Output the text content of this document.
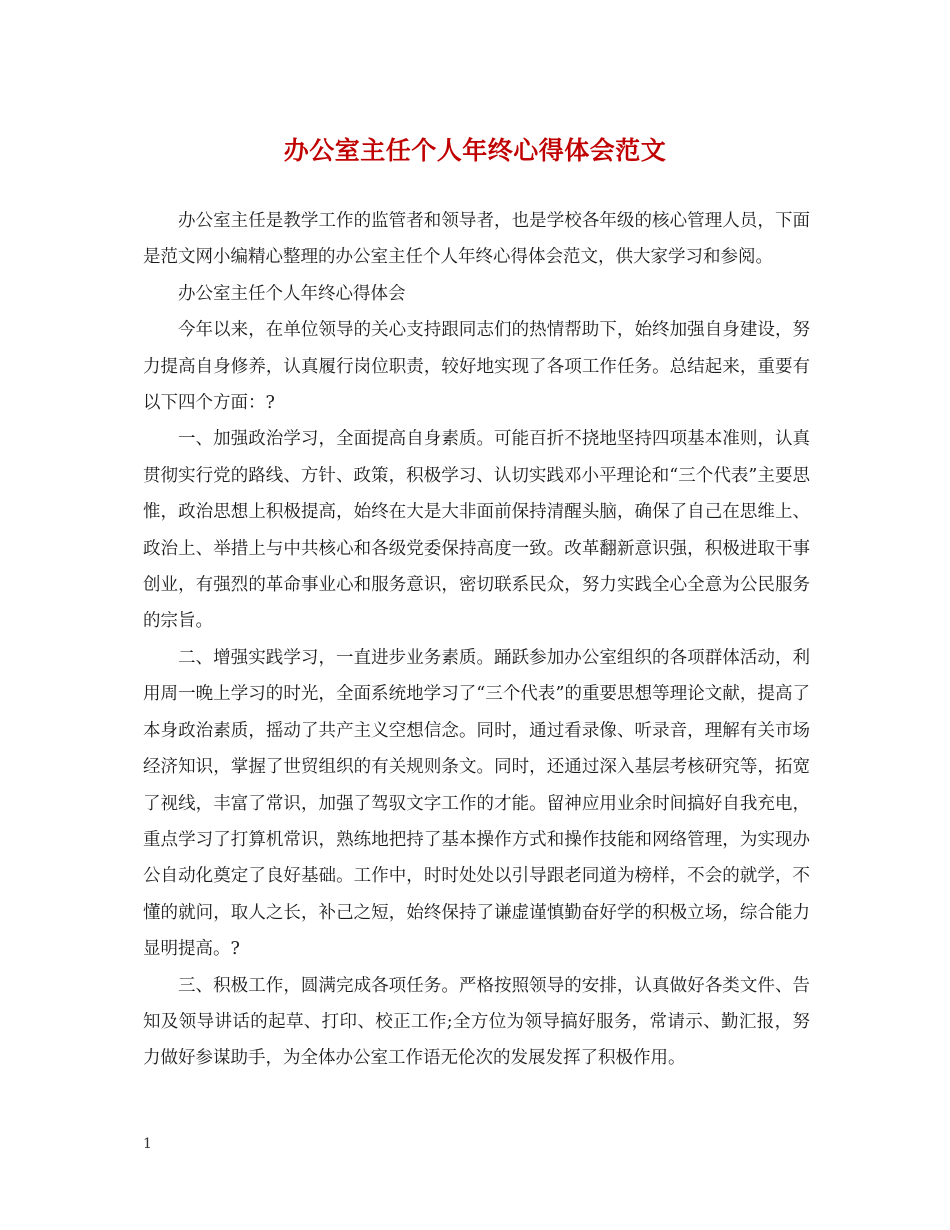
办公室主任个人年终心得体会范文

办公室主任是教学工作的监管者和领导者，也是学校各年级的核心管理人员，下面是范文网小编精心整理的办公室主任个人年终心得体会范文，供大家学习和参阅。

办公室主任个人年终心得体会

今年以来，在单位领导的关心支持跟同志们的热情帮助下，始终加强自身建设，努力提高自身修养，认真履行岗位职责，较好地实现了各项工作任务。总结起来，重要有以下四个方面：?

一、加强政治学习，全面提高自身素质。可能百折不挠地坚持四项基本准则，认真贯彻实行党的路线、方针、政策，积极学习、认切实践邓小平理论和“三个代表”主要思惟，政治思想上积极提高，始终在大是大非面前保持清醒头脑，确保了自己在思维上、政治上、举措上与中共核心和各级党委保持高度一致。改革翻新意识强，积极进取干事创业，有强烈的革命事业心和服务意识，密切联系民众，努力实践全心全意为公民服务的宗旨。

二、增强实践学习，一直进步业务素质。踊跃参加办公室组织的各项群体活动，利用周一晚上学习的时光，全面系统地学习了“三个代表”的重要思想等理论文献，提高了本身政治素质，摇动了共产主义空想信念。同时，通过看录像、听录音，理解有关市场经济知识，掌握了世贸组织的有关规则条文。同时，还通过深入基层考核研究等，拓宽了视线，丰富了常识，加强了驾驭文字工作的才能。留神应用业余时间搞好自我充电，重点学习了打算机常识，熟练地把持了基本操作方式和操作技能和网络管理，为实现办公自动化奠定了良好基础。工作中，时时处处以引导跟老同道为榜样，不会的就学，不懂的就问，取人之长，补己之短，始终保持了谦虚谨慎勤奋好学的积极立场，综合能力显明提高。?

三、积极工作，圆满完成各项任务。严格按照领导的安排，认真做好各类文件、告知及领导讲话的起草、打印、校正工作;全方位为领导搞好服务，常请示、勤汇报，努力做好参谋助手，为全体办公室工作语无伦次的发展发挥了积极作用。

1
